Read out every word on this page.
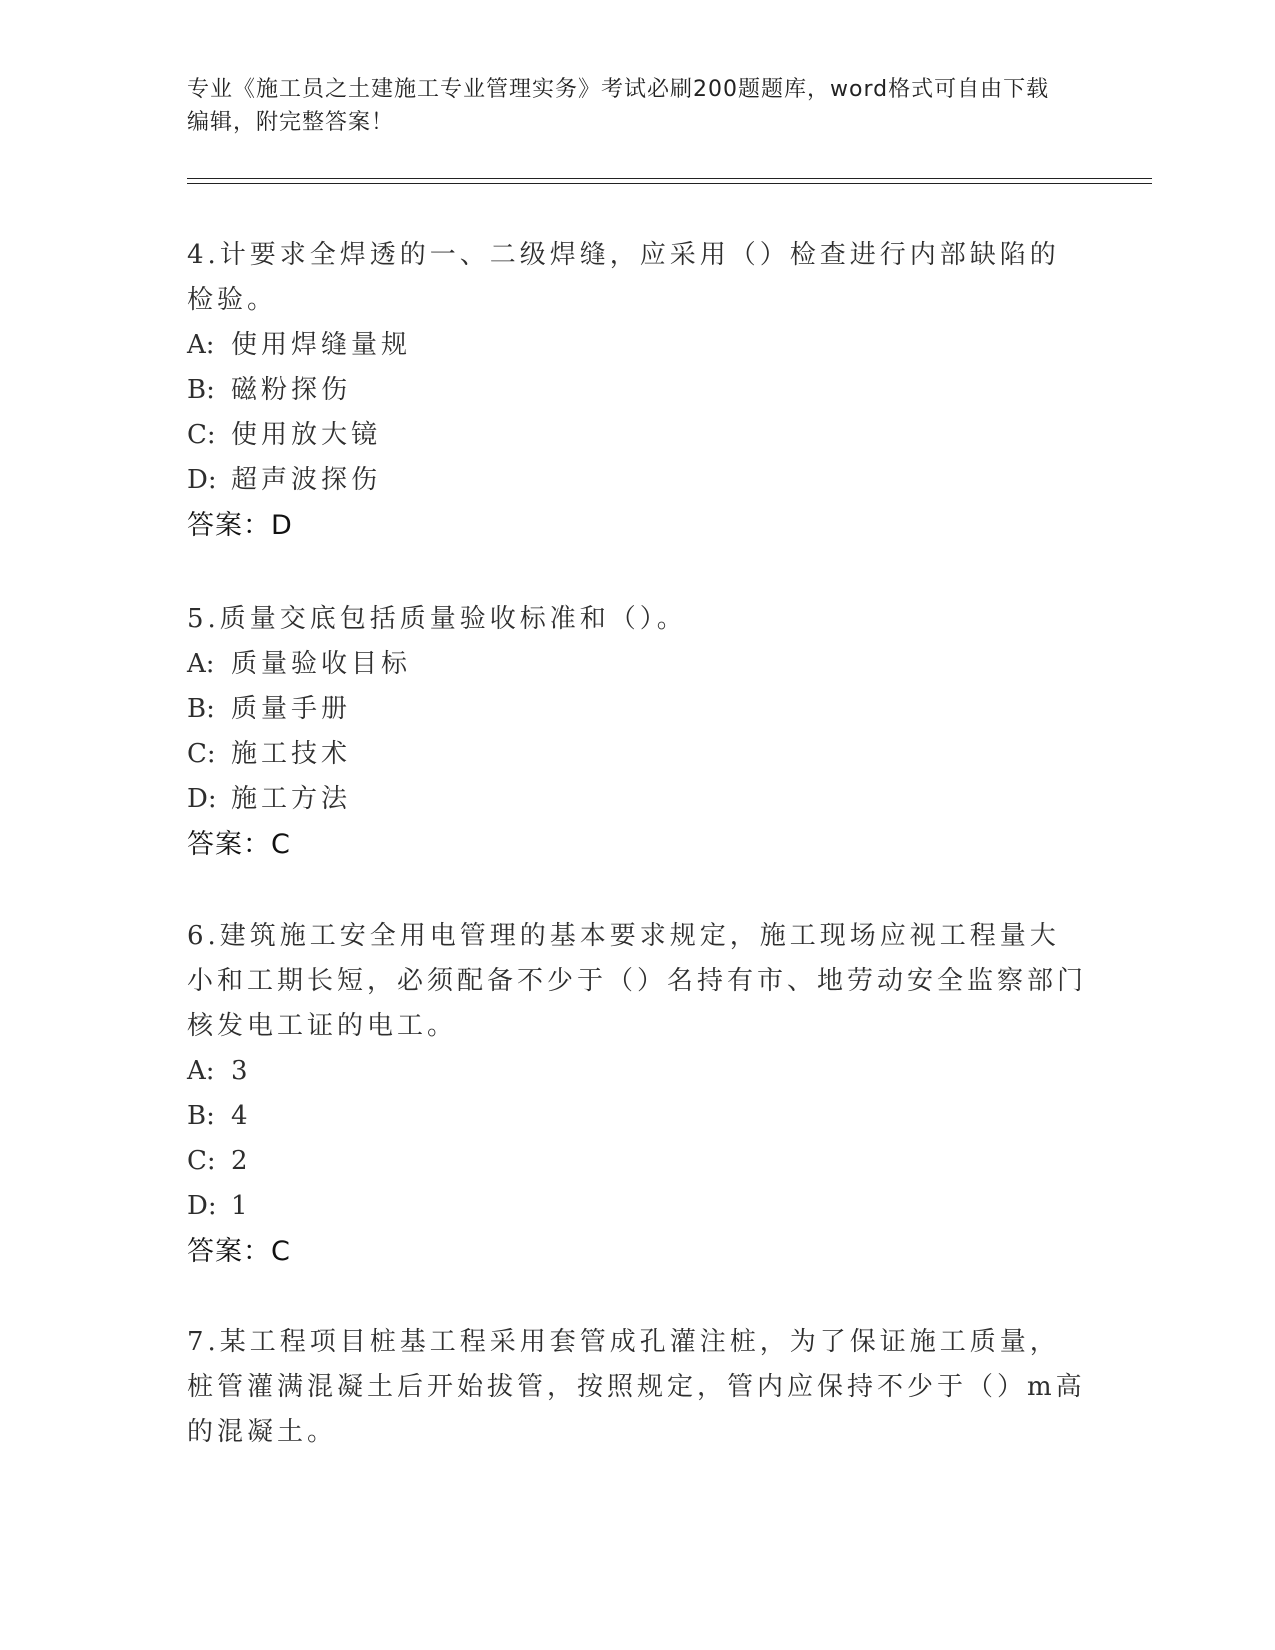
专业《施工员之土建施工专业管理实务》考试必刷200题题库，word格式可自由下载编辑，附完整答案！

4.计要求全焊透的一、二级焊缝，应采用（）检查进行内部缺陷的检验。

A: 使用焊缝量规
B: 磁粉探伤
C: 使用放大镜
D: 超声波探伤
答案：D

5.质量交底包括质量验收标准和（）。

A: 质量验收目标
B: 质量手册
C: 施工技术
D: 施工方法
答案：C

6.建筑施工安全用电管理的基本要求规定，施工现场应视工程量大小和工期长短，必须配备不少于（）名持有市、地劳动安全监察部门核发电工证的电工。

A: 3
B: 4
C: 2
D: 1
答案：C

7.某工程项目桩基工程采用套管成孔灌注桩，为了保证施工质量，桩管灌满混凝土后开始拔管，按照规定，管内应保持不少于（）m高的混凝土。
